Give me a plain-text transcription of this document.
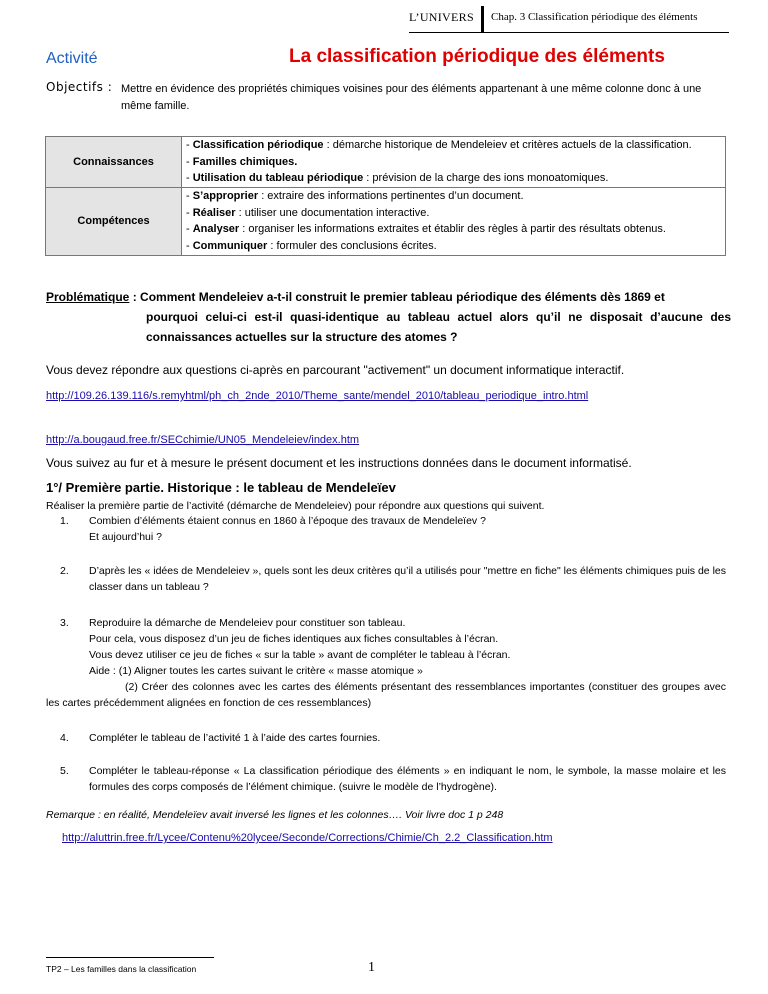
L’UNIVERS Chap. 3 Classification périodique des éléments
Activité	La classification périodique des éléments
Objectifs : Mettre en évidence des propriétés chimiques voisines pour des éléments appartenant à une même colonne donc à une même famille.
Connaissances	- Classification périodique : démarche historique de Mendeleiev et critères actuels de la classification.
- Familles chimiques.
- Utilisation du tableau périodique : prévision de la charge des ions monoatomiques.

Compétences	- S’approprier : extraire des informations pertinentes d’un document.
- Réaliser : utiliser une documentation interactive.
- Analyser : organiser les informations extraites et établir des règles à partir des résultats obtenus.
- Communiquer : formuler des conclusions écrites.
Problématique : Comment Mendeleiev a-t-il construit le premier tableau périodique des éléments dès 1869 et
pourquoi celui-ci est-il quasi-identique au tableau actuel alors qu’il ne disposait d’aucune des connaissances actuelles sur la structure des atomes ?
Vous devez répondre aux questions ci-après en parcourant "activement" un document informatique interactif.
http://109.26.139.116/s.remyhtml/ph_ch_2nde_2010/Theme_sante/mendel_2010/tableau_periodique_intro.html
http://a.bougaud.free.fr/SECchimie/UN05_Mendeleiev/index.htm
Vous suivez au fur et à mesure le présent document et les instructions données dans le document informatisé.
1°/ Première partie. Historique : le tableau de Mendeleïev
Réaliser la première partie de l’activité (démarche de Mendeleiev) pour répondre aux questions qui suivent.
1. Combien d’éléments étaient connus en 1860 à l’époque des travaux de Mendeleïev ?
Et aujourd’hui ?
2. D’après les « idées de Mendeleiev », quels sont les deux critères qu’il a utilisés pour "mettre en fiche" les éléments chimiques puis de les classer dans un tableau ?
3. Reproduire la démarche de Mendeleiev pour constituer son tableau.
Pour cela, vous disposez d’un jeu de fiches identiques aux fiches consultables à l’écran.
Vous devez utiliser ce jeu de fiches « sur la table » avant de compléter le tableau à l’écran.
Aide : (1) Aligner toutes les cartes suivant le critère « masse atomique »
(2) Créer des colonnes avec les cartes des éléments présentant des ressemblances importantes (constituer des groupes avec les cartes précédemment alignées en fonction de ces ressemblances)
4. Compléter le tableau de l’activité 1 à l’aide des cartes fournies.
5. Compléter le tableau-réponse « La classification périodique des éléments » en indiquant le nom, le symbole, la masse molaire et les formules des corps composés de l’élément chimique. (suivre le modèle de l’hydrogène).
Remarque : en réalité, Mendeleïev avait inversé les lignes et les colonnes…. Voir livre doc 1 p 248
http://aluttrin.free.fr/Lycee/Contenu%20lycee/Seconde/Corrections/Chimie/Ch_2.2_Classification.htm
TP2 – Les familles dans la classification	1
